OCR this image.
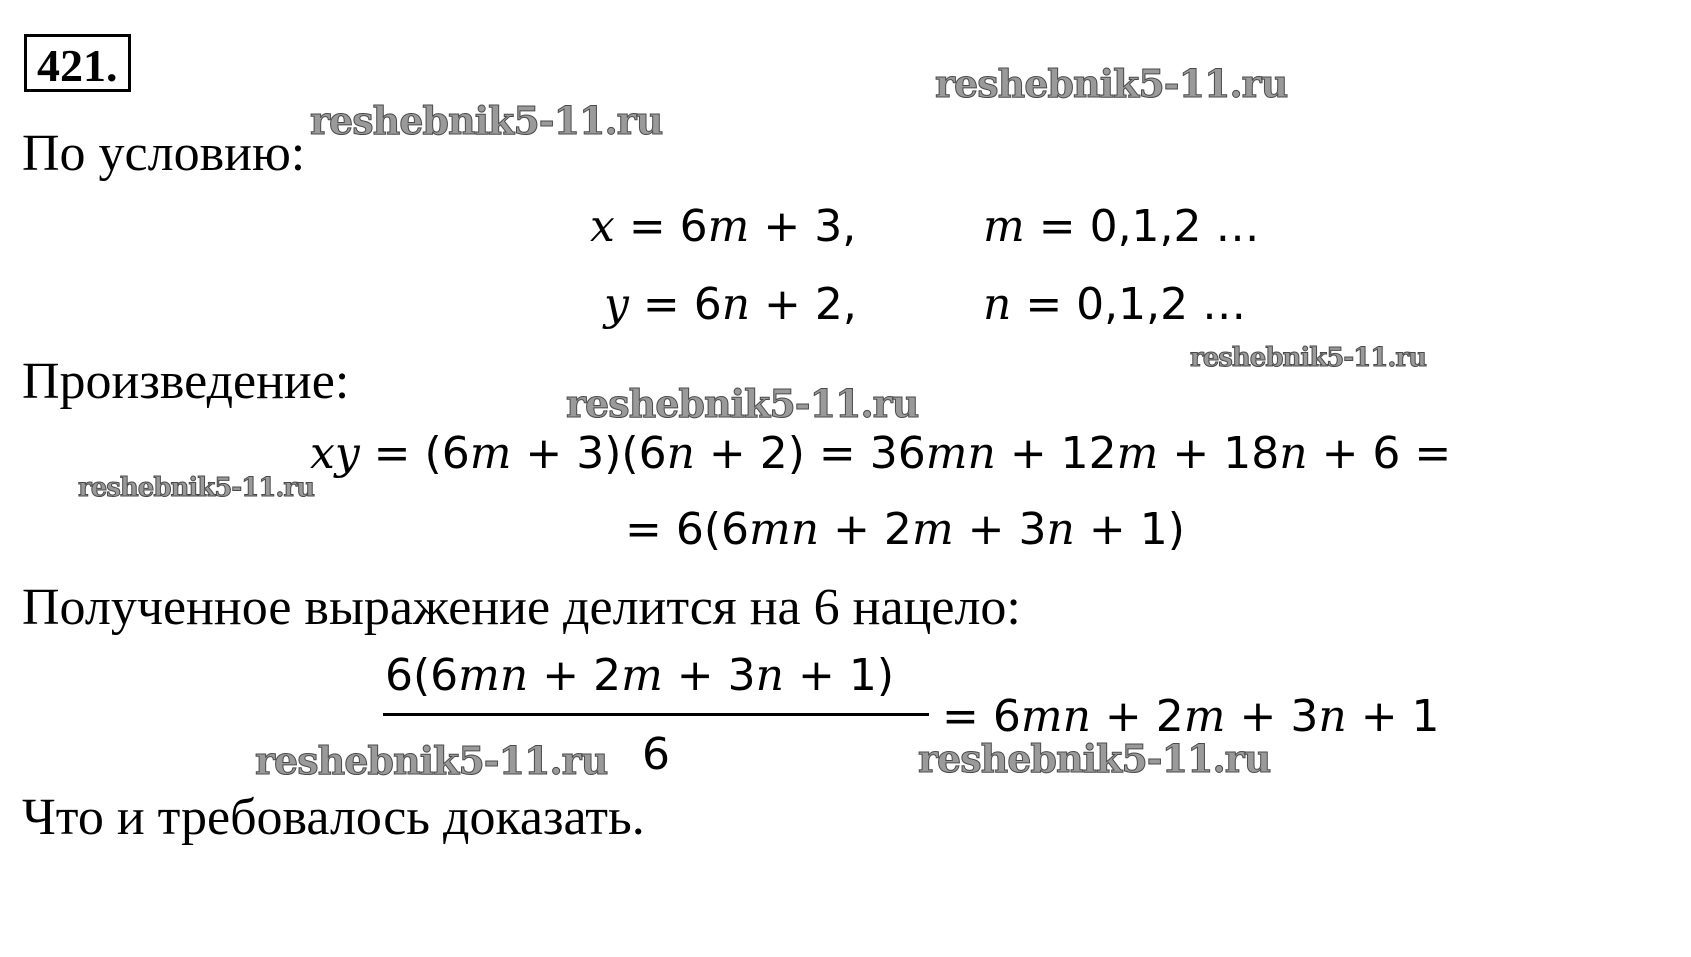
421.
По условию:
x = 6m + 3,	m = 0,1,2 …
y = 6n + 2,	n = 0,1,2 …
Произведение:
xy = (6m + 3)(6n + 2) = 36mn + 12m + 18n + 6 =
= 6(6mn + 2m + 3n + 1)
Полученное выражение делится на 6 нацело:
6(6mn + 2m + 3n + 1)
6
= 6mn + 2m + 3n + 1
Что и требовалось доказать.
reshebnik5-11.ru
reshebnik5-11.ru
reshebnik5-11.ru
reshebnik5-11.ru
reshebnik5-11.ru
reshebnik5-11.ru	reshebnik5-11.ru
